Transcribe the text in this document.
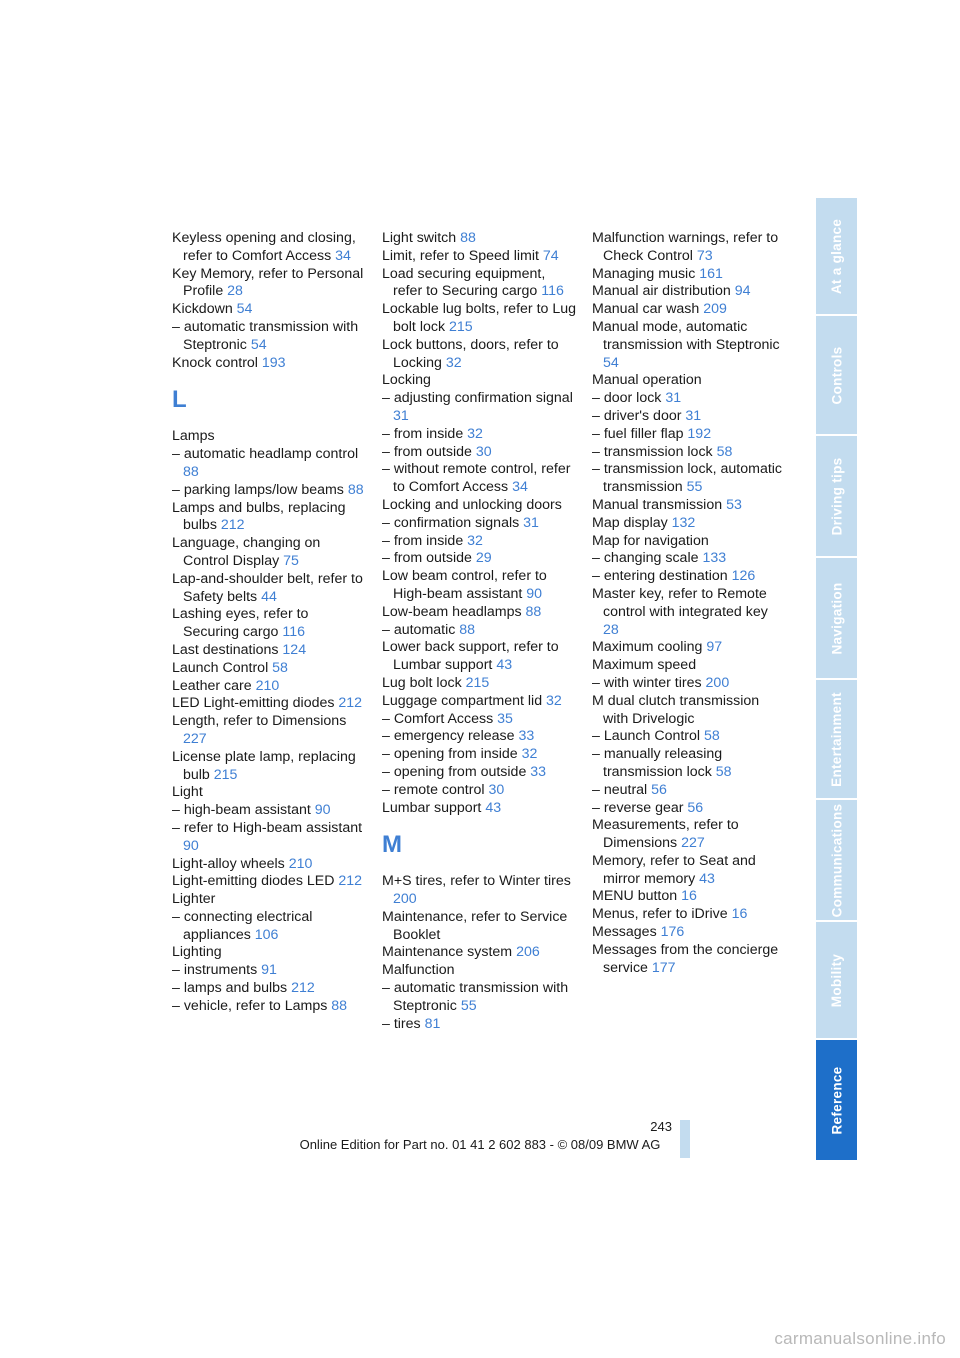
Keyless opening and closing, refer to Comfort Access 34
Key Memory, refer to Personal Profile 28
Kickdown 54
– automatic transmission with Steptronic 54
Knock control 193
L
Lamps
– automatic headlamp control 88
– parking lamps/low beams 88
Lamps and bulbs, replacing bulbs 212
Language, changing on Control Display 75
Lap-and-shoulder belt, refer to Safety belts 44
Lashing eyes, refer to Securing cargo 116
Last destinations 124
Launch Control 58
Leather care 210
LED Light-emitting diodes 212
Length, refer to Dimensions 227
License plate lamp, replacing bulb 215
Light
– high-beam assistant 90
– refer to High-beam assistant 90
Light-alloy wheels 210
Light-emitting diodes LED 212
Lighter
– connecting electrical appliances 106
Lighting
– instruments 91
– lamps and bulbs 212
– vehicle, refer to Lamps 88
Light switch 88
Limit, refer to Speed limit 74
Load securing equipment, refer to Securing cargo 116
Lockable lug bolts, refer to Lug bolt lock 215
Lock buttons, doors, refer to Locking 32
Locking
– adjusting confirmation signal 31
– from inside 32
– from outside 30
– without remote control, refer to Comfort Access 34
Locking and unlocking doors
– confirmation signals 31
– from inside 32
– from outside 29
Low beam control, refer to High-beam assistant 90
Low-beam headlamps 88
– automatic 88
Lower back support, refer to Lumbar support 43
Lug bolt lock 215
Luggage compartment lid 32
– Comfort Access 35
– emergency release 33
– opening from inside 32
– opening from outside 33
– remote control 30
Lumbar support 43
M
M+S tires, refer to Winter tires 200
Maintenance, refer to Service Booklet
Maintenance system 206
Malfunction
– automatic transmission with Steptronic 55
– tires 81
Malfunction warnings, refer to Check Control 73
Managing music 161
Manual air distribution 94
Manual car wash 209
Manual mode, automatic transmission with Steptronic 54
Manual operation
– door lock 31
– driver's door 31
– fuel filler flap 192
– transmission lock 58
– transmission lock, automatic transmission 55
Manual transmission 53
Map display 132
Map for navigation
– changing scale 133
– entering destination 126
Master key, refer to Remote control with integrated key 28
Maximum cooling 97
Maximum speed
– with winter tires 200
M dual clutch transmission with Drivelogic
– Launch Control 58
– manually releasing transmission lock 58
– neutral 56
– reverse gear 56
Measurements, refer to Dimensions 227
Memory, refer to Seat and mirror memory 43
MENU button 16
Menus, refer to iDrive 16
Messages 176
Messages from the concierge service 177
At a glance
Controls
Driving tips
Navigation
Entertainment
Communications
Mobility
Reference
243
Online Edition for Part no. 01 41 2 602 883 - © 08/09 BMW AG
carmanualsonline.info
